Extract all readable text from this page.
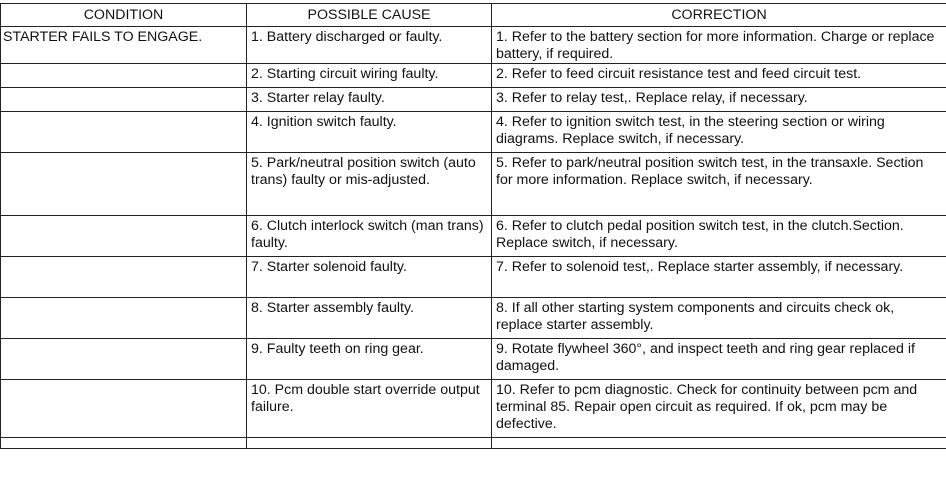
CONDITION	POSSIBLE CAUSE	CORRECTION
STARTER FAILS TO ENGAGE.	1. Battery discharged or faulty.	1. Refer to the battery section for more information. Charge or replace battery, if required.
	2. Starting circuit wiring faulty.	2. Refer to feed circuit resistance test and feed circuit test.
	3. Starter relay faulty.	3. Refer to relay test,. Replace relay, if necessary.
	4. Ignition switch faulty.	4. Refer to ignition switch test, in the steering section or wiring diagrams. Replace switch, if necessary.
	5. Park/neutral position switch (auto trans) faulty or mis-adjusted.	5. Refer to park/neutral position switch test, in the transaxle. Section for more information. Replace switch, if necessary.
	6. Clutch interlock switch (man trans) faulty.	6. Refer to clutch pedal position switch test, in the clutch.Section. Replace switch, if necessary.
	7. Starter solenoid faulty.	7. Refer to solenoid test,. Replace starter assembly, if necessary.
	8. Starter assembly faulty.	8. If all other starting system components and circuits check ok, replace starter assembly.
	9. Faulty teeth on ring gear.	9. Rotate flywheel 360°, and inspect teeth and ring gear replaced if damaged.
	10. Pcm double start override output failure.	10. Refer to pcm diagnostic. Check for continuity between pcm and terminal 85. Repair open circuit as required. If ok, pcm may be defective.
